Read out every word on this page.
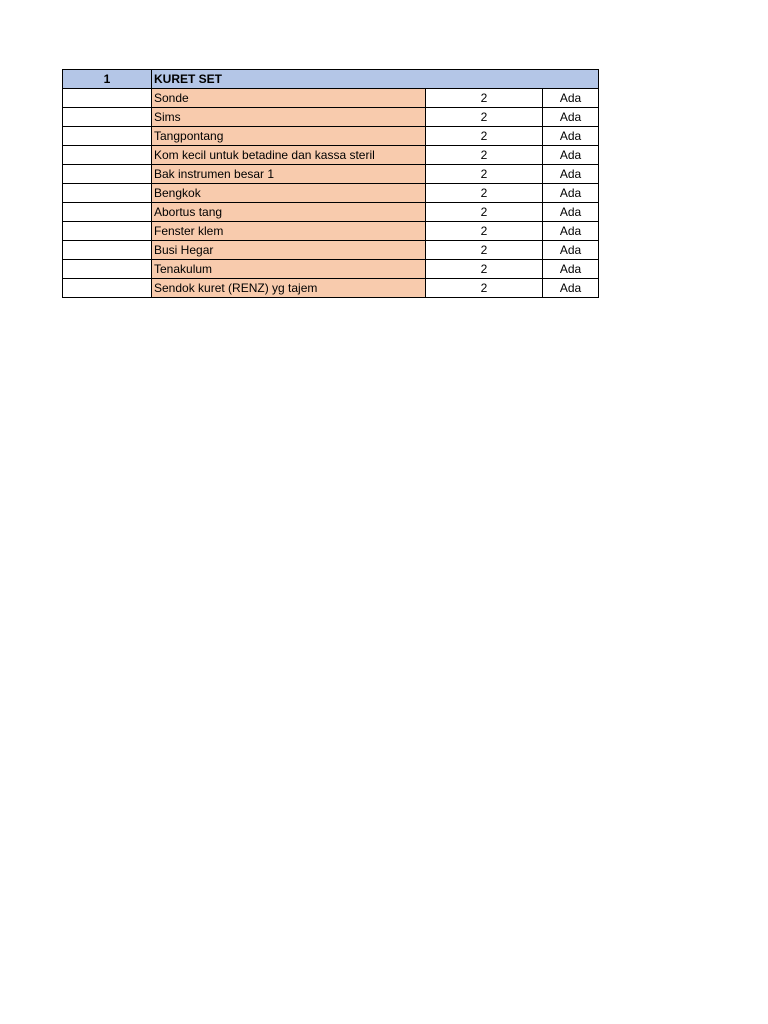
1	KURET SET		
	Sonde	2	Ada
	Sims	2	Ada
	Tangpontang	2	Ada
	Kom kecil untuk betadine dan kassa steril	2	Ada
	Bak instrumen besar 1	2	Ada
	Bengkok	2	Ada
	Abortus tang	2	Ada
	Fenster klem	2	Ada
	Busi Hegar	2	Ada
	Tenakulum	2	Ada
	Sendok kuret (RENZ) yg tajem	2	Ada
